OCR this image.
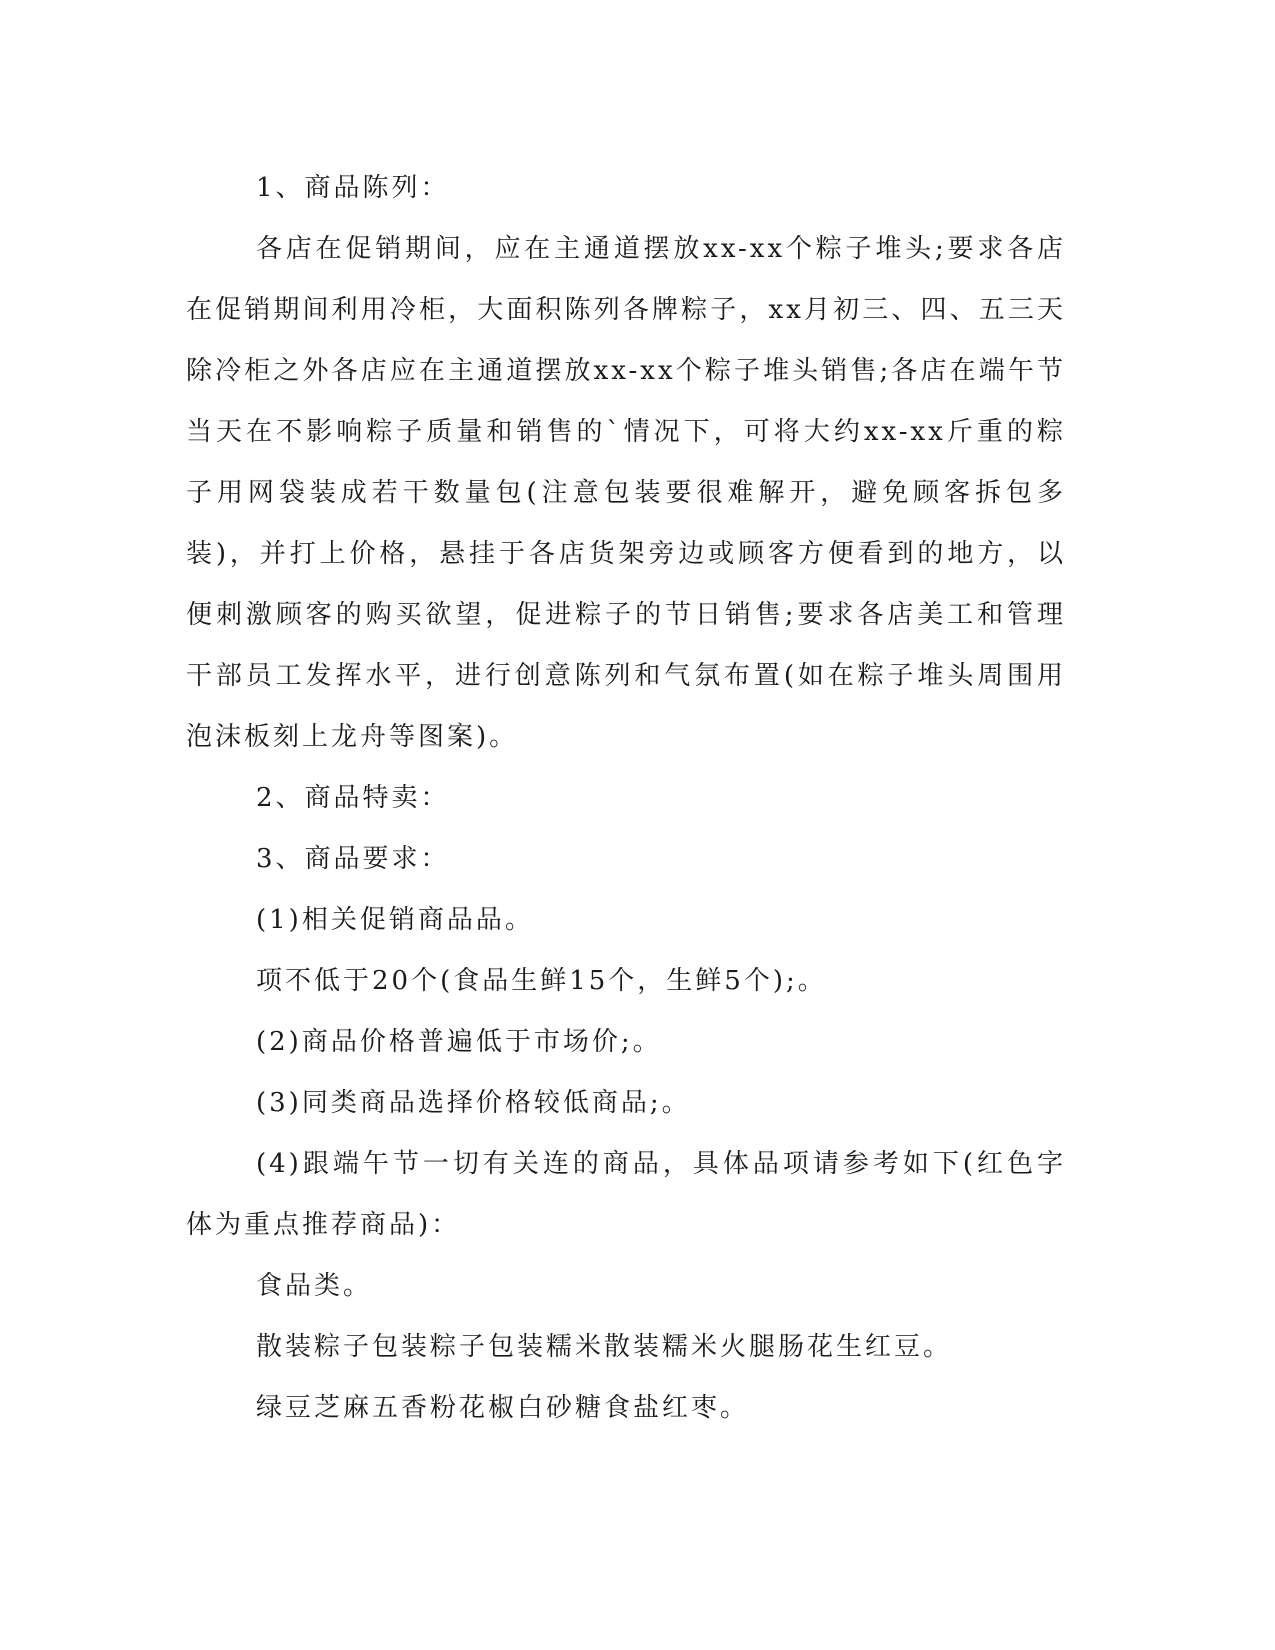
1、商品陈列：

各店在促销期间，应在主通道摆放xx-xx个粽子堆头;要求各店在促销期间利用冷柜，大面积陈列各牌粽子，xx月初三、四、五三天除冷柜之外各店应在主通道摆放xx-xx个粽子堆头销售;各店在端午节当天在不影响粽子质量和销售的`情况下，可将大约xx-xx斤重的粽子用网袋装成若干数量包(注意包装要很难解开，避免顾客拆包多装)，并打上价格，悬挂于各店货架旁边或顾客方便看到的地方，以便刺激顾客的购买欲望，促进粽子的节日销售;要求各店美工和管理干部员工发挥水平，进行创意陈列和气氛布置(如在粽子堆头周围用泡沫板刻上龙舟等图案)。

2、商品特卖：

3、商品要求：

(1)相关促销商品品。

项不低于20个(食品生鲜15个，生鲜5个);。

(2)商品价格普遍低于市场价;。

(3)同类商品选择价格较低商品;。

(4)跟端午节一切有关连的商品，具体品项请参考如下(红色字体为重点推荐商品)：

食品类。

散装粽子包装粽子包装糯米散装糯米火腿肠花生红豆。

绿豆芝麻五香粉花椒白砂糖食盐红枣。
